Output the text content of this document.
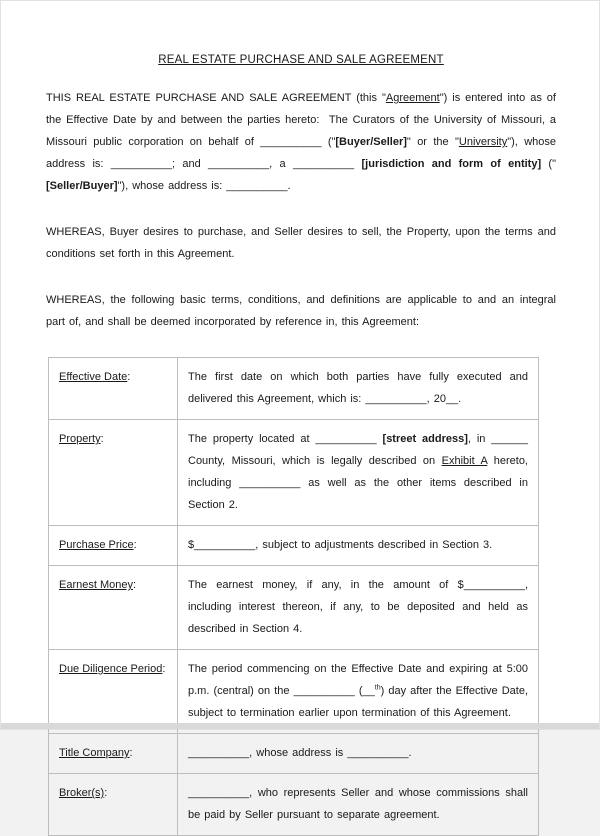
REAL ESTATE PURCHASE AND SALE AGREEMENT

THIS REAL ESTATE PURCHASE AND SALE AGREEMENT (this "Agreement") is entered into as of the Effective Date by and between the parties hereto:  The Curators of the University of Missouri, a Missouri public corporation on behalf of __________ ("[Buyer/Seller]" or the "University"), whose address is: __________; and __________, a __________ [jurisdiction and form of entity] ("[Seller/Buyer]"), whose address is: __________.

WHEREAS, Buyer desires to purchase, and Seller desires to sell, the Property, upon the terms and conditions set forth in this Agreement.

WHEREAS, the following basic terms, conditions, and definitions are applicable to and an integral part of, and shall be deemed incorporated by reference in, this Agreement:

Effective Date:	The first date on which both parties have fully executed and delivered this Agreement, which is: __________, 20__.
Property:	The property located at __________ [street address], in ______ County, Missouri, which is legally described on Exhibit A hereto, including __________ as well as the other items described in Section 2.
Purchase Price:	$__________, subject to adjustments described in Section 3.
Earnest Money:	The earnest money, if any, in the amount of $__________, including interest thereon, if any, to be deposited and held as described in Section 4.
Due Diligence Period:	The period commencing on the Effective Date and expiring at 5:00 p.m. (central) on the __________ (__$^{th}$) day after the Effective Date, subject to termination earlier upon termination of this Agreement.
Title Company:	__________, whose address is __________.
Broker(s):	__________, who represents Seller and whose commissions shall be paid by Seller pursuant to separate agreement.
